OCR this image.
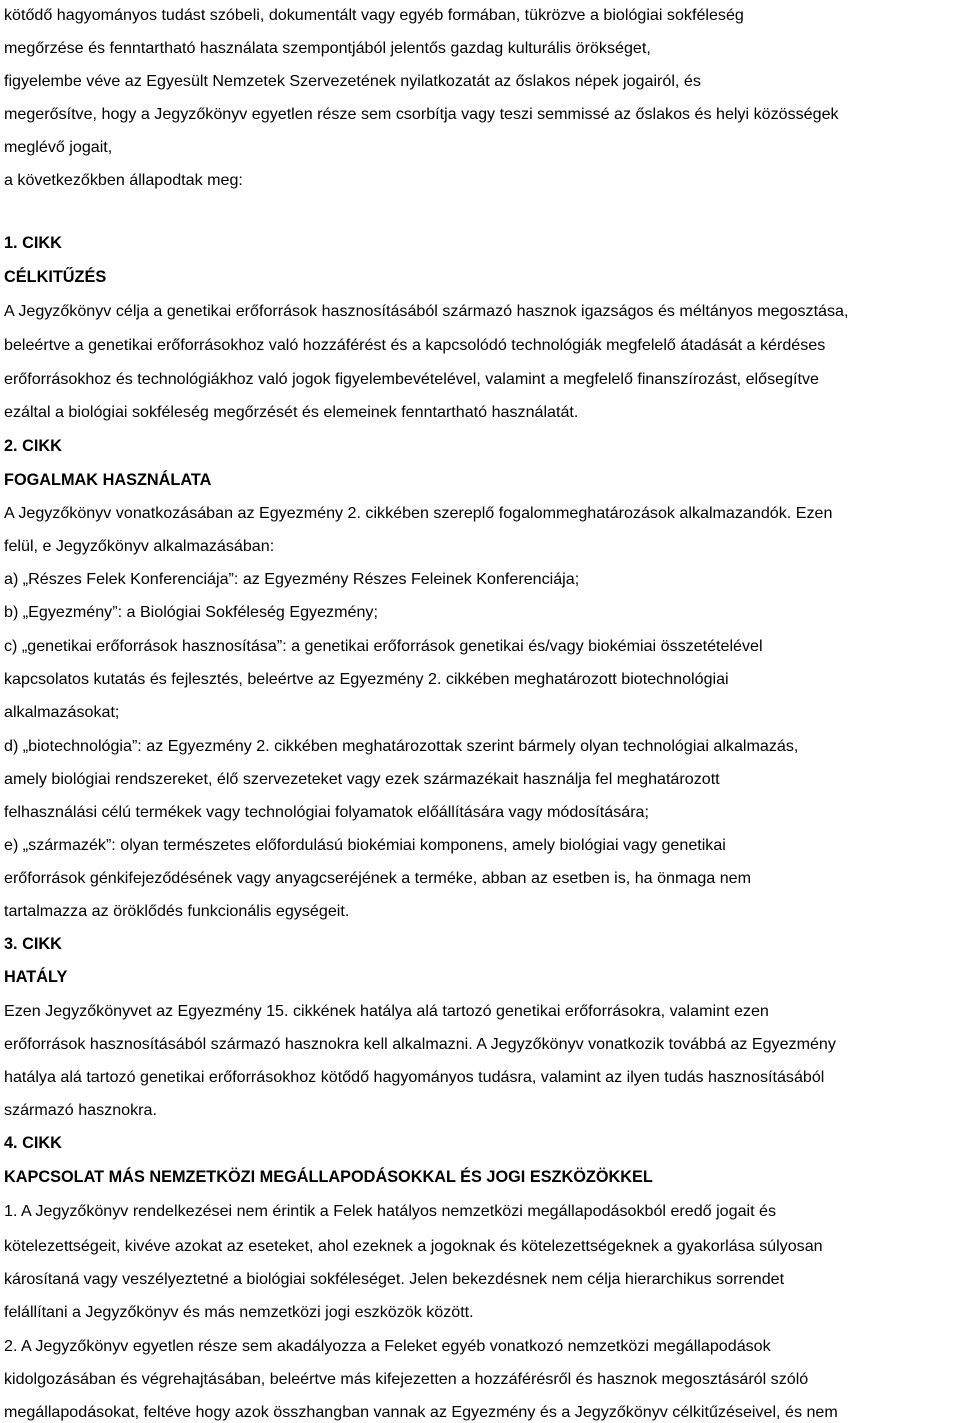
kötődő hagyományos tudást szóbeli, dokumentált vagy egyéb formában, tükrözve a biológiai sokféleség
megőrzése és fenntartható használata szempontjából jelentős gazdag kulturális örökséget,
figyelembe véve az Egyesült Nemzetek Szervezetének nyilatkozatát az őslakos népek jogairól, és
megerősítve, hogy a Jegyzőkönyv egyetlen része sem csorbítja vagy teszi semmissé az őslakos és helyi közösségek
meglévő jogait,
a következőkben állapodtak meg:
1. CIKK
CÉLKITŰZÉS
A Jegyzőkönyv célja a genetikai erőforrások hasznosításából származó hasznok igazságos és méltányos megosztása,
beleértve a genetikai erőforrásokhoz való hozzáférést és a kapcsolódó technológiák megfelelő átadását a kérdéses
erőforrásokhoz és technológiákhoz való jogok figyelembevételével, valamint a megfelelő finanszírozást, elősegítve
ezáltal a biológiai sokféleség megőrzését és elemeinek fenntartható használatát.
2. CIKK
FOGALMAK HASZNÁLATA
A Jegyzőkönyv vonatkozásában az Egyezmény 2. cikkében szereplő fogalommeghatározások alkalmazandók. Ezen
felül, e Jegyzőkönyv alkalmazásában:
a) „Részes Felek Konferenciája”: az Egyezmény Részes Feleinek Konferenciája;
b) „Egyezmény”: a Biológiai Sokféleség Egyezmény;
c) „genetikai erőforrások hasznosítása”: a genetikai erőforrások genetikai és/vagy biokémiai összetételével
kapcsolatos kutatás és fejlesztés, beleértve az Egyezmény 2. cikkében meghatározott biotechnológiai
alkalmazásokat;
d) „biotechnológia”: az Egyezmény 2. cikkében meghatározottak szerint bármely olyan technológiai alkalmazás,
amely biológiai rendszereket, élő szervezeteket vagy ezek származékait használja fel meghatározott
felhasználási célú termékek vagy technológiai folyamatok előállítására vagy módosítására;
e) „származék”: olyan természetes előfordulású biokémiai komponens, amely biológiai vagy genetikai
erőforrások génkifejeződésének vagy anyagcseréjének a terméke, abban az esetben is, ha önmaga nem
tartalmazza az öröklődés funkcionális egységeit.
3. CIKK
HATÁLY
Ezen Jegyzőkönyvet az Egyezmény 15. cikkének hatálya alá tartozó genetikai erőforrásokra, valamint ezen
erőforrások hasznosításából származó hasznokra kell alkalmazni. A Jegyzőkönyv vonatkozik továbbá az Egyezmény
hatálya alá tartozó genetikai erőforrásokhoz kötődő hagyományos tudásra, valamint az ilyen tudás hasznosításából
származó hasznokra.
4. CIKK
KAPCSOLAT MÁS NEMZETKÖZI MEGÁLLAPODÁSOKKAL ÉS JOGI ESZKÖZÖKKEL
1. A Jegyzőkönyv rendelkezései nem érintik a Felek hatályos nemzetközi megállapodásokból eredő jogait és
kötelezettségeit, kivéve azokat az eseteket, ahol ezeknek a jogoknak és kötelezettségeknek a gyakorlása súlyosan
károsítaná vagy veszélyeztetné a biológiai sokféleséget. Jelen bekezdésnek nem célja hierarchikus sorrendet
felállítani a Jegyzőkönyv és más nemzetközi jogi eszközök között.
2. A Jegyzőkönyv egyetlen része sem akadályozza a Feleket egyéb vonatkozó nemzetközi megállapodások
kidolgozásában és végrehajtásában, beleértve más kifejezetten a hozzáférésről és hasznok megosztásáról szóló
megállapodásokat, feltéve hogy azok összhangban vannak az Egyezmény és a Jegyzőkönyv célkitűzéseivel, és nem
